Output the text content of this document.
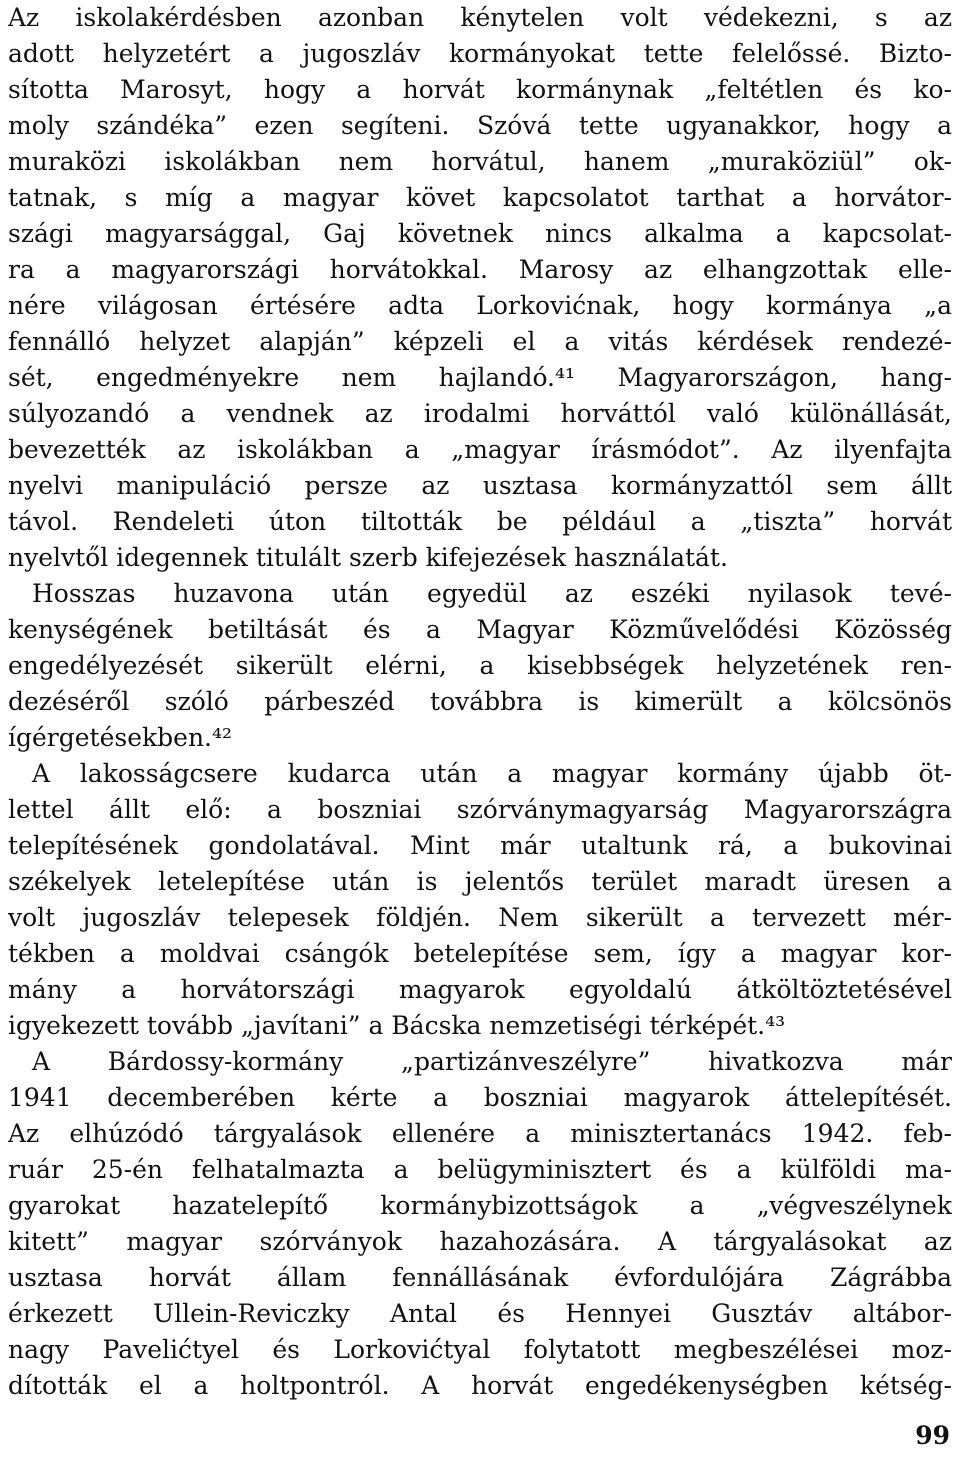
Az iskolakérdésben azonban kénytelen volt védekezni, s az
adott helyzetért a jugoszláv kormányokat tette felelőssé. Bizto-
sította Marosyt, hogy a horvát kormánynak „feltétlen és ko-
moly szándéka” ezen segíteni. Szóvá tette ugyanakkor, hogy a
muraközi iskolákban nem horvátul, hanem „muraköziül” ok-
tatnak, s míg a magyar követ kapcsolatot tarthat a horvátor-
szági magyarsággal, Gaj követnek nincs alkalma a kapcsolat-
ra a magyarországi horvátokkal. Marosy az elhangzottak elle-
nére világosan értésére adta Lorkovićnak, hogy kormánya „a
fennálló helyzet alapján” képzeli el a vitás kérdések rendezé-
sét, engedményekre nem hajlandó.⁴¹ Magyarországon, hang-
súlyozandó a vendnek az irodalmi horváttól való különállását,
bevezették az iskolákban a „magyar írásmódot”. Az ilyenfajta
nyelvi manipuláció persze az usztasa kormányzattól sem állt
távol. Rendeleti úton tiltották be például a „tiszta” horvát
nyelvtől idegennek titulált szerb kifejezések használatát.
Hosszas huzavona után egyedül az eszéki nyilasok tevé-
kenységének betiltását és a Magyar Közművelődési Közösség
engedélyezését sikerült elérni, a kisebbségek helyzetének ren-
dezéséről szóló párbeszéd továbbra is kimerült a kölcsönös
ígérgetésekben.⁴²
A lakosságcsere kudarca után a magyar kormány újabb öt-
lettel állt elő: a boszniai szórványmagyarság Magyarországra
telepítésének gondolatával. Mint már utaltunk rá, a bukovinai
székelyek letelepítése után is jelentős terület maradt üresen a
volt jugoszláv telepesek földjén. Nem sikerült a tervezett mér-
tékben a moldvai csángók betelepítése sem, így a magyar kor-
mány a horvátországi magyarok egyoldalú átköltöztetésével
igyekezett tovább „javítani” a Bácska nemzetiségi térképét.⁴³
A Bárdossy-kormány „partizánveszélyre” hivatkozva már
1941 decemberében kérte a boszniai magyarok áttelepítését.
Az elhúzódó tárgyalások ellenére a minisztertanács 1942. feb-
ruár 25-én felhatalmazta a belügyminisztert és a külföldi ma-
gyarokat hazatelepítő kormánybizottságok a „végveszélynek
kitett” magyar szórványok hazahozására. A tárgyalásokat az
usztasa horvát állam fennállásának évfordulójára Zágrábba
érkezett Ullein-Reviczky Antal és Hennyei Gusztáv altábor-
nagy Pavelićtyel és Lorkovićtyal folytatott megbeszélései moz-
dították el a holtpontról. A horvát engedékenységben kétség-
99
